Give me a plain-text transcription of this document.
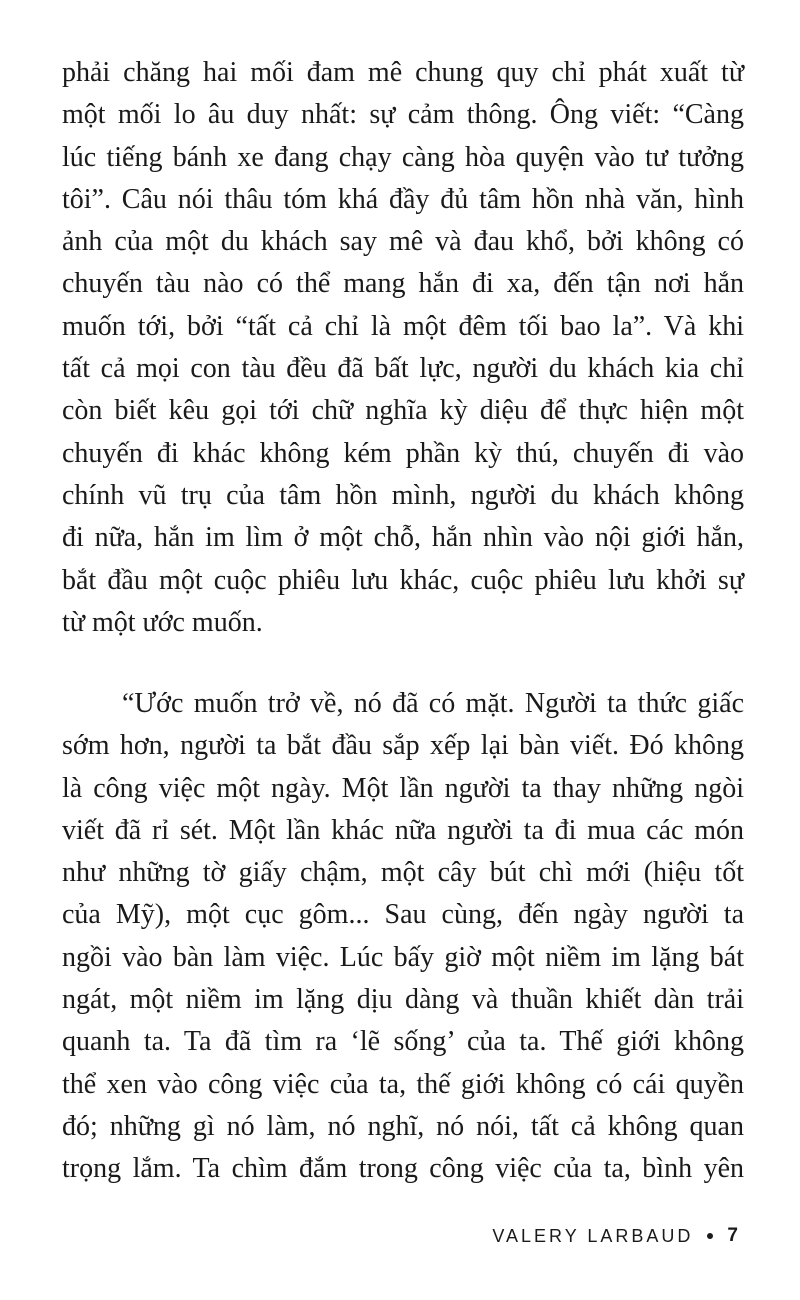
phải chăng hai mối đam mê chung quy chỉ phát xuất từ
một mối lo âu duy nhất: sự cảm thông. Ông viết: “Càng
lúc tiếng bánh xe đang chạy càng hòa quyện vào tư tưởng
tôi”. Câu nói thâu tóm khá đầy đủ tâm hồn nhà văn, hình
ảnh của một du khách say mê và đau khổ, bởi không có
chuyến tàu nào có thể mang hắn đi xa, đến tận nơi hắn
muốn tới, bởi “tất cả chỉ là một đêm tối bao la”. Và khi
tất cả mọi con tàu đều đã bất lực, người du khách kia chỉ
còn biết kêu gọi tới chữ nghĩa kỳ diệu để thực hiện một
chuyến đi khác không kém phần kỳ thú, chuyến đi vào
chính vũ trụ của tâm hồn mình, người du khách không
đi nữa, hắn im lìm ở một chỗ, hắn nhìn vào nội giới hắn,
bắt đầu một cuộc phiêu lưu khác, cuộc phiêu lưu khởi sự
từ một ước muốn.
“Ước muốn trở về, nó đã có mặt. Người ta thức giấc
sớm hơn, người ta bắt đầu sắp xếp lại bàn viết. Đó không
là công việc một ngày. Một lần người ta thay những ngòi
viết đã rỉ sét. Một lần khác nữa người ta đi mua các món
như những tờ giấy chậm, một cây bút chì mới (hiệu tốt
của Mỹ), một cục gôm... Sau cùng, đến ngày người ta
ngồi vào bàn làm việc. Lúc bấy giờ một niềm im lặng bát
ngát, một niềm im lặng dịu dàng và thuần khiết dàn trải
quanh ta. Ta đã tìm ra ‘lẽ sống’ của ta. Thế giới không
thể xen vào công việc của ta, thế giới không có cái quyền
đó; những gì nó làm, nó nghĩ, nó nói, tất cả không quan
trọng lắm. Ta chìm đắm trong công việc của ta, bình yên
VALERY LARBAUD 7
